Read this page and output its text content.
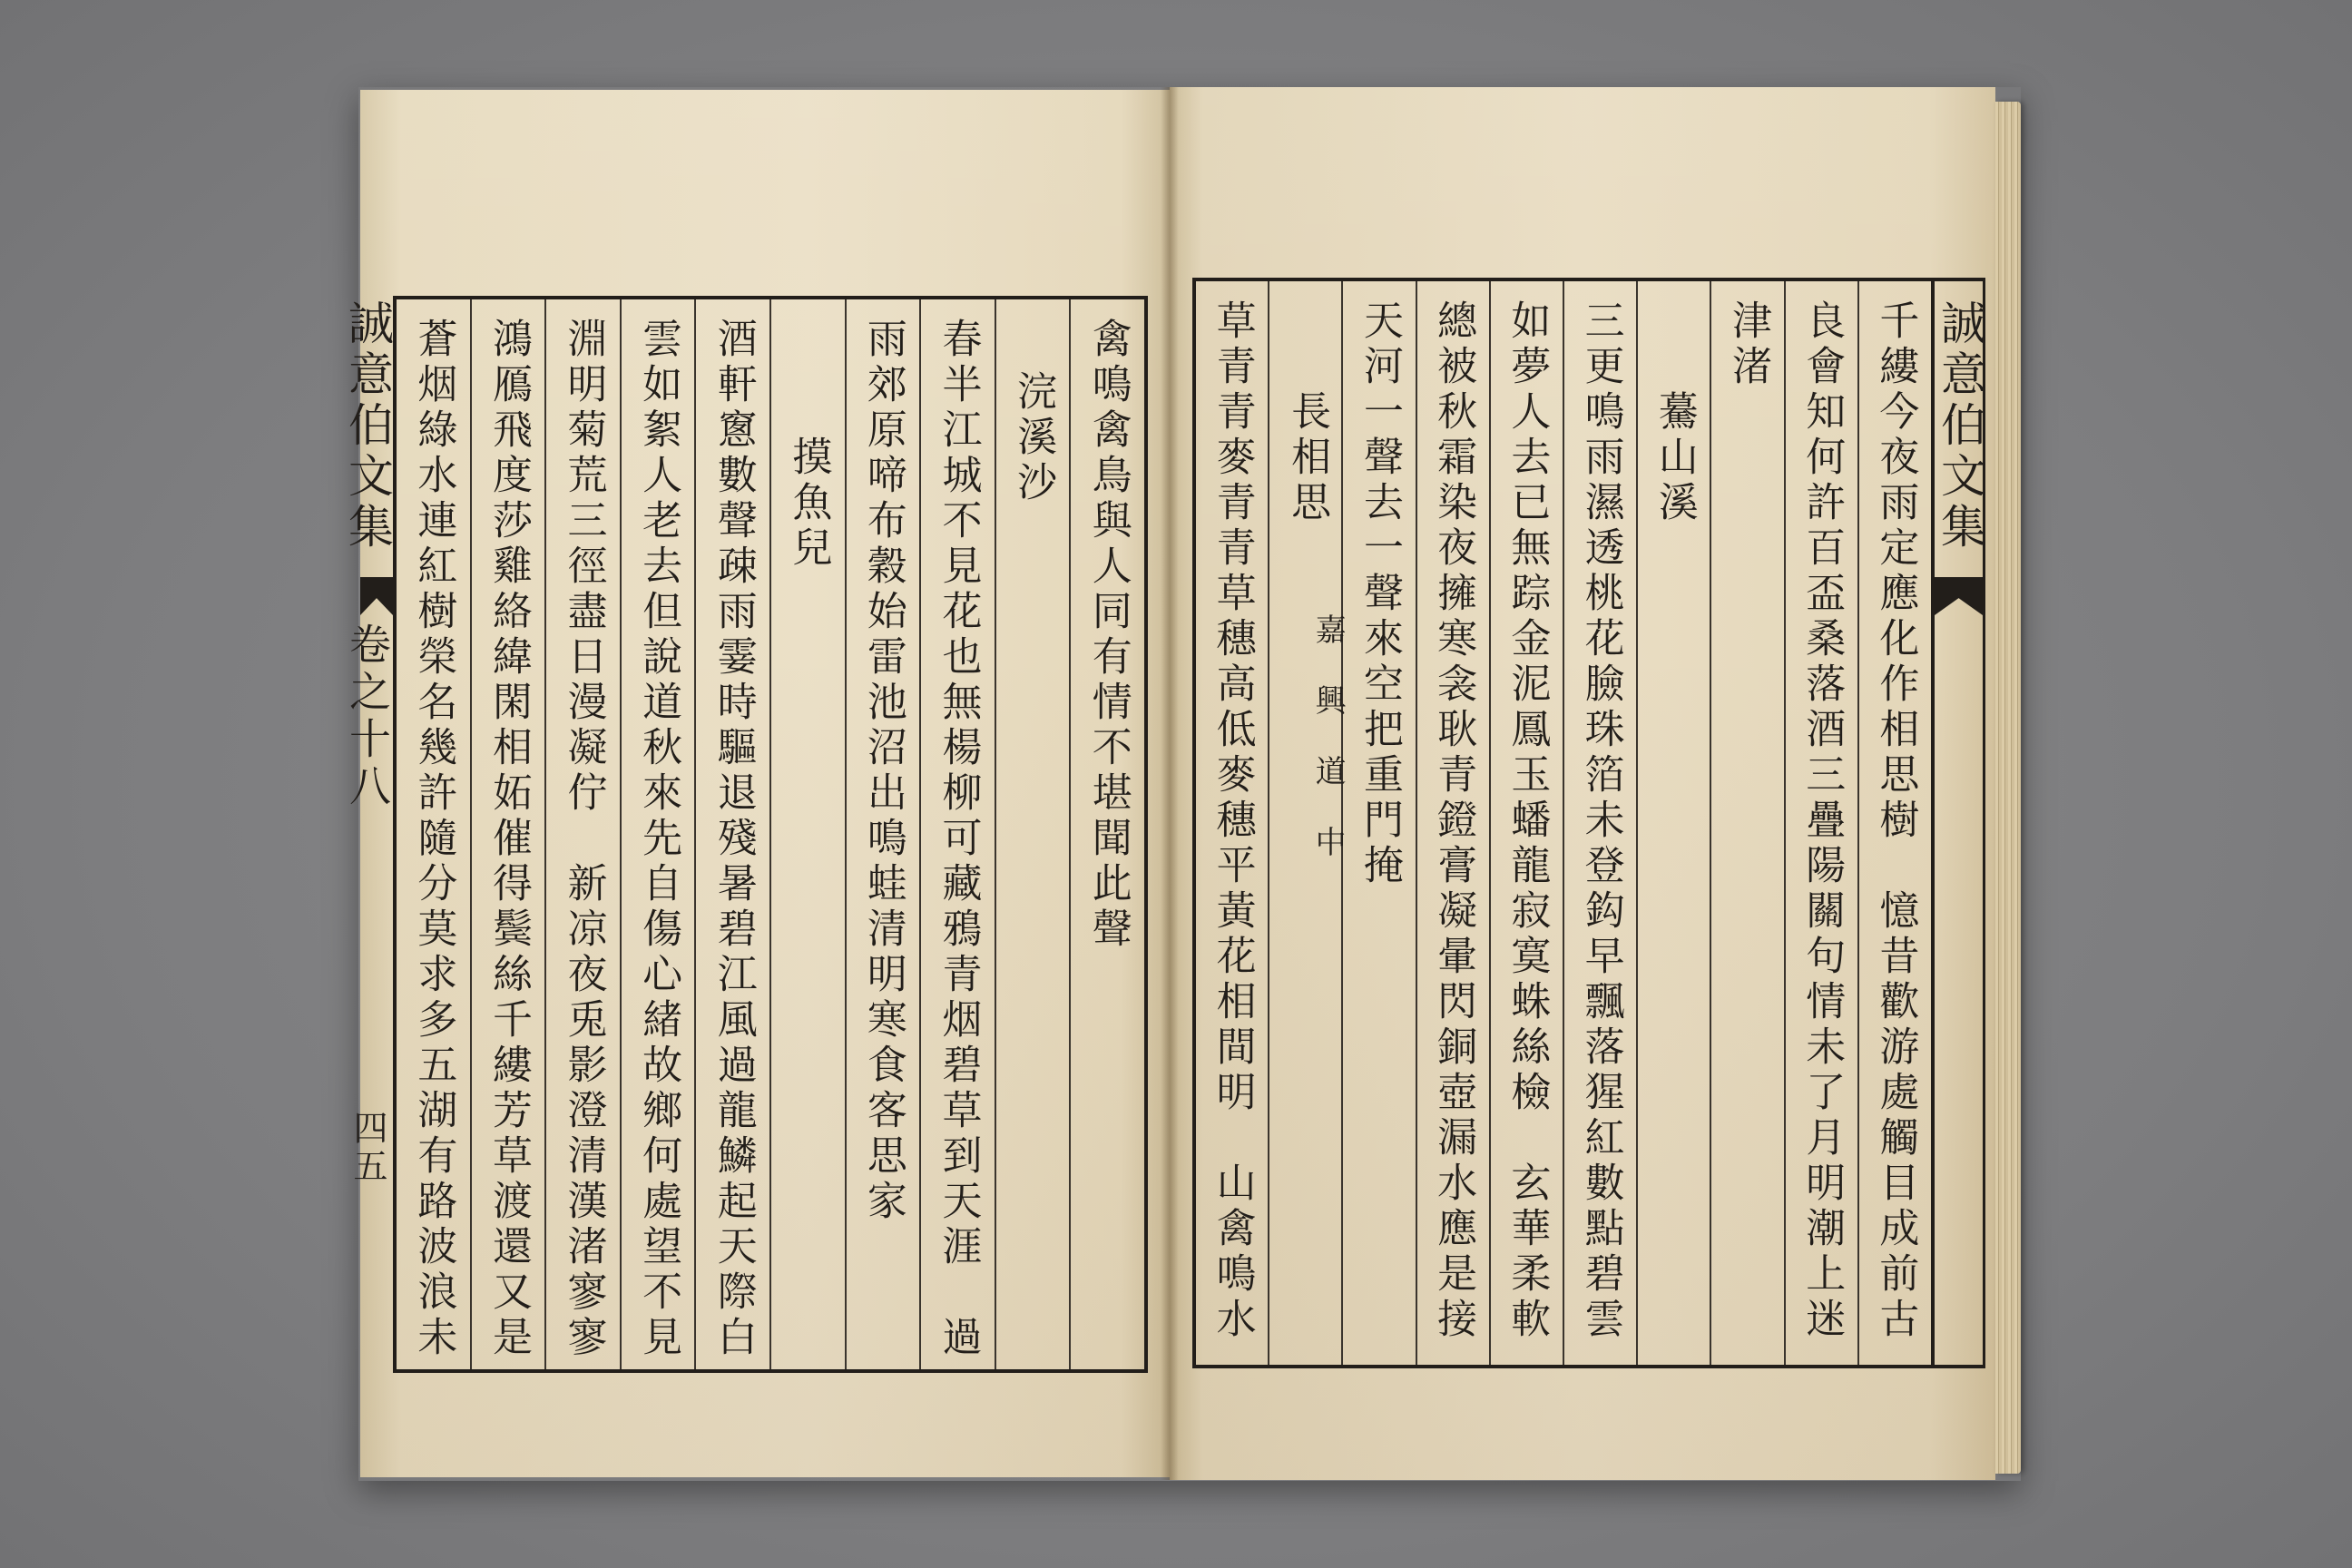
誠意伯文集
卷之十八
四五
禽鳴禽鳥與人同有情不堪聞此聲
浣溪沙
春半江城不見花也無楊柳可藏鴉青烟碧草到天涯　過
雨郊原啼布穀始雷池沼出鳴蛙清明寒食客思家
摸魚兒
酒軒窻數聲疎雨霎時驅退殘暑碧江風過龍鱗起天際白
雲如絮人老去但說道秋來先自傷心緒故鄉何處望不見
淵明菊荒三徑盡日漫凝佇　新凉夜兎影澄清漢渚寥寥
鴻鴈飛度莎雞絡緯閑相妬催得鬓絲千縷芳草渡還又是
蒼烟綠水連紅樹榮名幾許隨分莫求多五湖有路波浪未	誠意伯文集
千縷今夜雨定應化作相思樹　憶昔歡游處觸目成前古
良會知何許百盃桑落酒三疊陽關句情未了月明潮上迷
津渚
驀山溪
三更鳴雨濕透桃花臉珠箔未登鈎早飄落猩紅數點碧雲
如夢人去已無踪金泥鳳玉蟠龍寂寞蛛絲檢　玄華柔軟
總被秋霜染夜擁寒衾耿青鐙膏凝暈閃銅壺漏水應是接
天河一聲去一聲來空把重門掩
長相思
嘉興道中
草青青麥青青草穗高低麥穗平黃花相間明　山禽鳴水
